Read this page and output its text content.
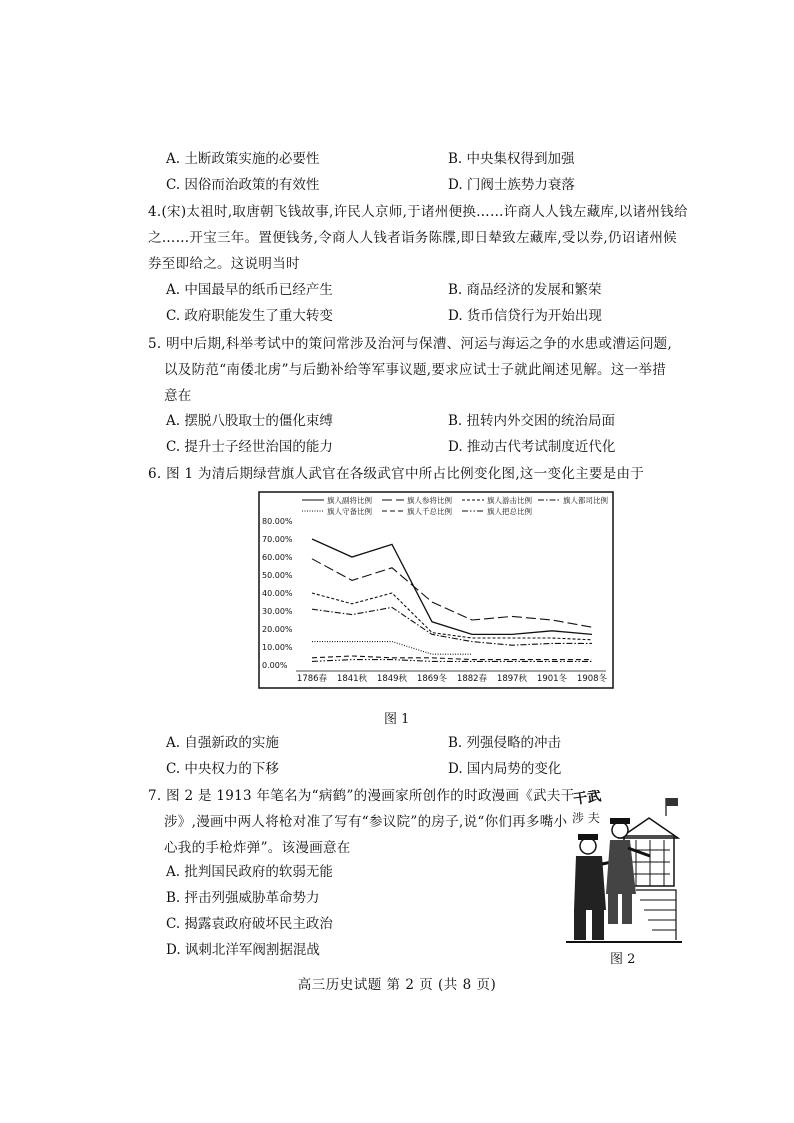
A. 土断政策实施的必要性	B. 中央集权得到加强
C. 因俗而治政策的有效性	D. 门阀士族势力衰落
4.(宋)太祖时,取唐朝飞钱故事,许民人京师,于诸州便换……许商人人钱左藏库,以诸州钱给
之……开宝三年。置便钱务,令商人人钱者诣务陈牒,即日辇致左藏库,受以券,仍诏诸州候
券至即给之。这说明当时
A. 中国最早的纸币已经产生	B. 商品经济的发展和繁荣
C. 政府职能发生了重大转变	D. 货币信贷行为开始出现
5. 明中后期,科举考试中的策问常涉及治河与保漕、河运与海运之争的水患或漕运问题,
以及防范“南倭北虏”与后勤补给等军事议题,要求应试士子就此阐述见解。这一举措
意在
A. 摆脱八股取士的僵化束缚	B. 扭转内外交困的统治局面
C. 提升士子经世治国的能力	D. 推动古代考试制度近代化
6. 图 1 为清后期绿营旗人武官在各级武官中所占比例变化图,这一变化主要是由于
0.00%
10.00%
20.00%
30.00%
40.00%
50.00%
60.00%
70.00%
80.00%
1786春 1841秋 1849秋 1869冬 1882春 1897秋 1901冬 1908冬
旗人副将比例	旗人参将比例	旗人游击比例	旗人都司比例
旗人守备比例	旗人千总比例	旗人把总比例
图 1
A. 自强新政的实施	B. 列强侵略的冲击
C. 中央权力的下移	D. 国内局势的变化
7. 图 2 是 1913 年笔名为“病鹤”的漫画家所创作的时政漫画《武夫干
涉》,漫画中两人将枪对准了写有“参议院”的房子,说“你们再多嘴小
心我的手枪炸弹”。该漫画意在
A. 批判国民政府的软弱无能
B. 抨击列强威胁革命势力
C. 揭露袁政府破坏民主政治
D. 讽刺北洋军阀割据混战
干武
涉 夫
图 2
高三历史试题 第 2 页 (共 8 页)
